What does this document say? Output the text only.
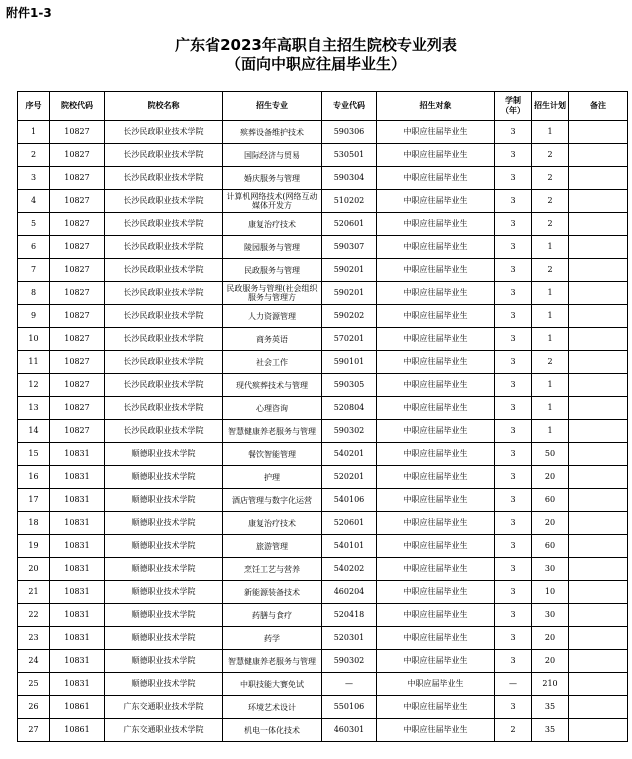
附件1-3
广东省2023年高职自主招生院校专业列表
（面向中职应往届毕业生）
序号	院校代码	院校名称	招生专业	专业代码	招生对象	学制（年）	招生计划	备注
1	10827	长沙民政职业技术学院	殡葬设备维护技术	590306	中职应往届毕业生	3	1	
2	10827	长沙民政职业技术学院	国际经济与贸易	530501	中职应往届毕业生	3	2	
3	10827	长沙民政职业技术学院	婚庆服务与管理	590304	中职应往届毕业生	3	2	
4	10827	长沙民政职业技术学院	计算机网络技术(网络互动媒体开发方	510202	中职应往届毕业生	3	2	
5	10827	长沙民政职业技术学院	康复治疗技术	520601	中职应往届毕业生	3	2	
6	10827	长沙民政职业技术学院	陵园服务与管理	590307	中职应往届毕业生	3	1	
7	10827	长沙民政职业技术学院	民政服务与管理	590201	中职应往届毕业生	3	2	
8	10827	长沙民政职业技术学院	民政服务与管理(社会组织服务与管理方	590201	中职应往届毕业生	3	1	
9	10827	长沙民政职业技术学院	人力资源管理	590202	中职应往届毕业生	3	1	
10	10827	长沙民政职业技术学院	商务英语	570201	中职应往届毕业生	3	1	
11	10827	长沙民政职业技术学院	社会工作	590101	中职应往届毕业生	3	2	
12	10827	长沙民政职业技术学院	现代殡葬技术与管理	590305	中职应往届毕业生	3	1	
13	10827	长沙民政职业技术学院	心理咨询	520804	中职应往届毕业生	3	1	
14	10827	长沙民政职业技术学院	智慧健康养老服务与管理	590302	中职应往届毕业生	3	1	
15	10831	顺德职业技术学院	餐饮智能管理	540201	中职应往届毕业生	3	50	
16	10831	顺德职业技术学院	护理	520201	中职应往届毕业生	3	20	
17	10831	顺德职业技术学院	酒店管理与数字化运营	540106	中职应往届毕业生	3	60	
18	10831	顺德职业技术学院	康复治疗技术	520601	中职应往届毕业生	3	20	
19	10831	顺德职业技术学院	旅游管理	540101	中职应往届毕业生	3	60	
20	10831	顺德职业技术学院	烹饪工艺与营养	540202	中职应往届毕业生	3	30	
21	10831	顺德职业技术学院	新能源装备技术	460204	中职应往届毕业生	3	10	
22	10831	顺德职业技术学院	药膳与食疗	520418	中职应往届毕业生	3	30	
23	10831	顺德职业技术学院	药学	520301	中职应往届毕业生	3	20	
24	10831	顺德职业技术学院	智慧健康养老服务与管理	590302	中职应往届毕业生	3	20	
25	10831	顺德职业技术学院	中职技能大赛免试	—	中职应届毕业生	—	210	
26	10861	广东交通职业技术学院	环境艺术设计	550106	中职应往届毕业生	3	35	
27	10861	广东交通职业技术学院	机电一体化技术	460301	中职应往届毕业生	2	35	
